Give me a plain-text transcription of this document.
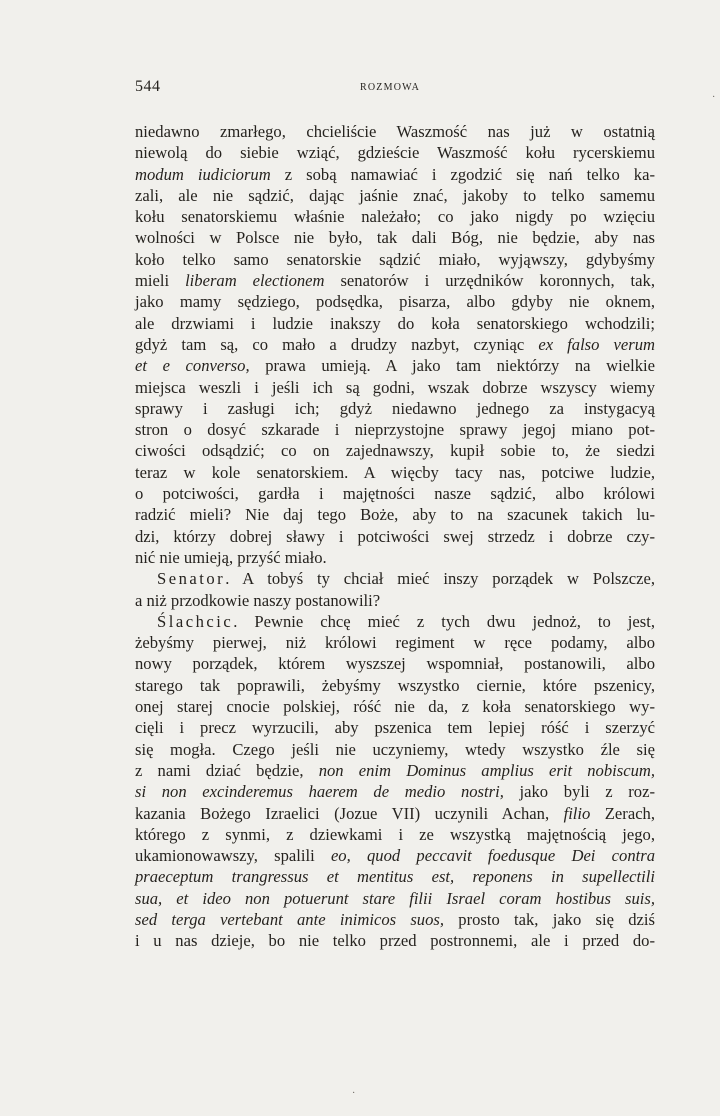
544	ROZMOWA
niedawno zmarłego, chcieliście Waszmość nas już w ostatnią
niewolą do siebie wziąć, gdzieście Waszmość kołu rycerskiemu
modum iudiciorum z sobą namawiać i zgodzić się nań telko ka-
zali, ale nie sądzić, dając jaśnie znać, jakoby to telko samemu
kołu senatorskiemu właśnie należało; co jako nigdy po wzięciu
wolności w Polsce nie było, tak dali Bóg, nie będzie, aby nas
koło telko samo senatorskie sądzić miało, wyjąwszy, gdybyśmy
mieli liberam electionem senatorów i urzędników koronnych, tak,
jako mamy sędziego, podsędka, pisarza, albo gdyby nie oknem,
ale drzwiami i ludzie inakszy do koła senatorskiego wchodzili;
gdyż tam są, co mało a drudzy nazbyt, czyniąc ex falso verum
et e converso, prawa umieją. A jako tam niektórzy na wielkie
miejsca weszli i jeśli ich są godni, wszak dobrze wszyscy wiemy
sprawy i zasługi ich; gdyż niedawno jednego za instygacyą
stron o dosyć szkarade i nieprzystojne sprawy jegoj miano pot-
ciwości odsądzić; co on zajednawszy, kupił sobie to, że siedzi
teraz w kole senatorskiem. A więcby tacy nas, potciwe ludzie,
o potciwości, gardła i majętności nasze sądzić, albo królowi
radzić mieli? Nie daj tego Boże, aby to na szacunek takich lu-
dzi, którzy dobrej sławy i potciwości swej strzedz i dobrze czy-
nić nie umieją, przyść miało.
Senator. A tobyś ty chciał mieć inszy porządek w Polszcze,
a niż przodkowie naszy postanowili?
Ślachcic. Pewnie chcę mieć z tych dwu jednoż, to jest,
żebyśmy pierwej, niż królowi regiment w ręce podamy, albo
nowy porządek, którem wyszszej wspomniał, postanowili, albo
starego tak poprawili, żebyśmy wszystko ciernie, które pszenicy,
onej starej cnocie polskiej, róść nie da, z koła senatorskiego wy-
cięli i precz wyrzucili, aby pszenica tem lepiej róść i szerzyć
się mogła. Czego jeśli nie uczyniemy, wtedy wszystko źle się
z nami dziać będzie, non enim Dominus amplius erit nobiscum,
si non excinderemus haerem de medio nostri, jako byli z roz-
kazania Bożego Izraelici (Jozue VII) uczynili Achan, filio Zerach,
którego z synmi, z dziewkami i ze wszystką majętnością jego,
ukamionowawszy, spalili eo, quod peccavit foedusque Dei contra
praeceptum trangressus et mentitus est, reponens in supellectili
sua, et ideo non potuerunt stare filii Israel coram hostibus suis,
sed terga vertebant ante inimicos suos, prosto tak, jako się dziś
i u nas dzieje, bo nie telko przed postronnemi, ale i przed do-
·
·
